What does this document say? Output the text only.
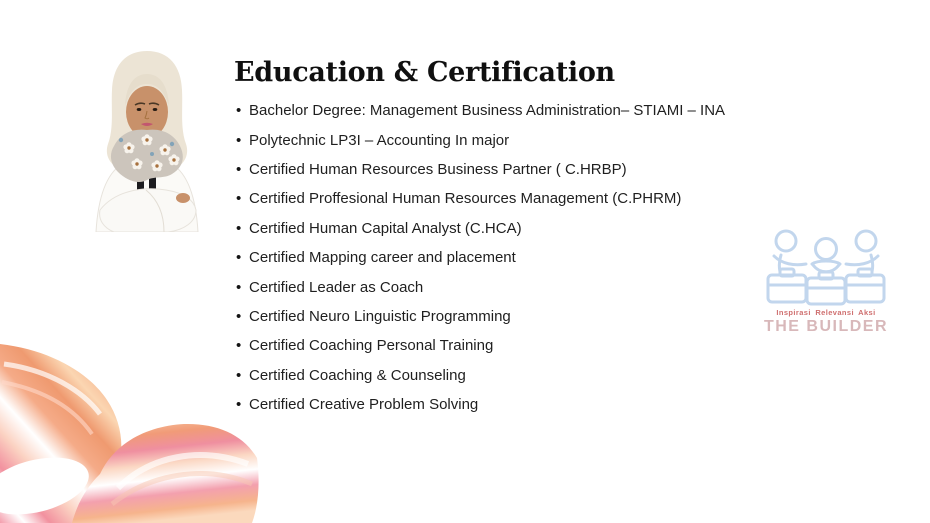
Education & Certification
• Bachelor Degree: Management Business Administration– STIAMI – INA
• Polytechnic LP3I – Accounting In major
• Certified Human Resources Business Partner ( C.HRBP)
• Certified Proffesional Human Resources Management (C.PHRM)
• Certified Human Capital Analyst (C.HCA)
• Certified Mapping career and placement
• Certified Leader as Coach
• Certified Neuro Linguistic Programming
• Certified Coaching Personal Training
• Certified Coaching & Counseling
• Certified Creative Problem Solving
Inspirasi Relevansi Aksi
THE BUILDER
